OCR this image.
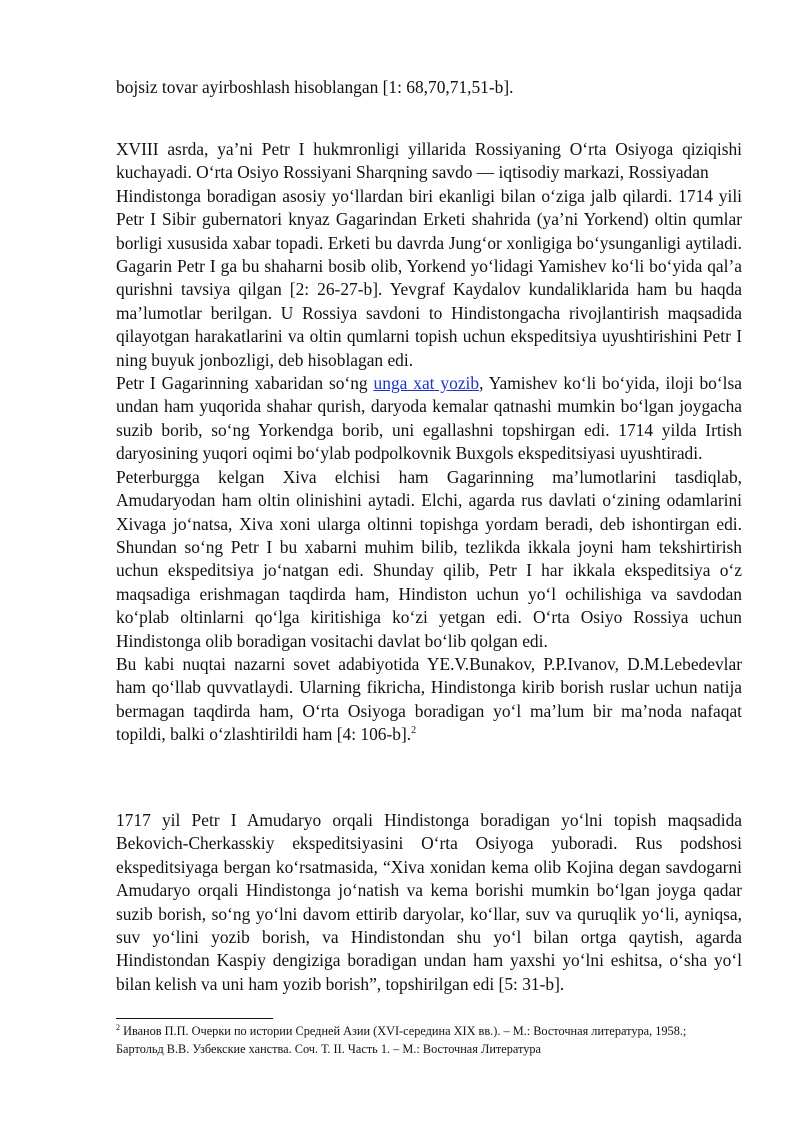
bojsiz tovar ayirboshlash hisoblangan [1: 68,70,71,51-b].

XVIII asrda, ya’ni Petr I hukmronligi yillarida Rossiyaning O‘rta Osiyoga qiziqishi kuchayadi. O‘rta Osiyo Rossiyani Sharqning savdo — iqtisodiy markazi, Rossiyadan

Hindistonga boradigan asosiy yo‘llardan biri ekanligi bilan o‘ziga jalb qilardi. 1714 yili Petr I Sibir gubernatori knyaz Gagarindan Erketi shahrida (ya’ni Yorkend) oltin qumlar borligi xususida xabar topadi. Erketi bu davrda Jung‘or xonligiga bo‘ysunganligi aytiladi. Gagarin Petr I ga bu shaharni bosib olib, Yorkend yo‘lidagi Yamishev ko‘li bo‘yida qal’a qurishni tavsiya qilgan [2: 26-27-b]. Yevgraf Kaydalov kundaliklarida ham bu haqda ma’lumotlar berilgan. U Rossiya savdoni to Hindistongacha rivojlantirish maqsadida qilayotgan harakatlarini va oltin qumlarni topish uchun ekspeditsiya uyushtirishini Petr I ning buyuk jonbozligi, deb hisoblagan edi.

Petr I Gagarinning xabaridan so‘ng unga xat yozib, Yamishev ko‘li bo‘yida, iloji bo‘lsa undan ham yuqorida shahar qurish, daryoda kemalar qatnashi mumkin bo‘lgan joygacha suzib borib, so‘ng Yorkendga borib, uni egallashni topshirgan edi. 1714 yilda Irtish daryosining yuqori oqimi bo‘ylab podpolkovnik Buxgols ekspeditsiyasi uyushtiradi.

Peterburgga kelgan Xiva elchisi ham Gagarinning ma’lumotlarini tasdiqlab, Amudaryodan ham oltin olinishini aytadi. Elchi, agarda rus davlati o‘zining odamlarini Xivaga jo‘natsa, Xiva xoni ularga oltinni topishga yordam beradi, deb ishontirgan edi. Shundan so‘ng Petr I bu xabarni muhim bilib, tezlikda ikkala joyni ham tekshirtirish uchun ekspeditsiya jo‘natgan edi. Shunday qilib, Petr I har ikkala ekspeditsiya o‘z maqsadiga erishmagan taqdirda ham, Hindiston uchun yo‘l ochilishiga va savdodan ko‘plab oltinlarni qo‘lga kiritishiga ko‘zi yetgan edi. O‘rta Osiyo Rossiya uchun Hindistonga olib boradigan vositachi davlat bo‘lib qolgan edi.

Bu kabi nuqtai nazarni sovet adabiyotida YE.V.Bunakov, P.P.Ivanov, D.M.Lebedevlar ham qo‘llab quvvatlaydi. Ularning fikricha, Hindistonga kirib borish ruslar uchun natija bermagan taqdirda ham, O‘rta Osiyoga boradigan yo‘l ma’lum bir ma’noda nafaqat topildi, balki o‘zlashtirildi ham [4: 106-b].$^2$

1717 yil Petr I Amudaryo orqali Hindistonga boradigan yo‘lni topish maqsadida Bekovich-Cherkasskiy ekspeditsiyasini O‘rta Osiyoga yuboradi. Rus podshosi ekspeditsiyaga bergan ko‘rsatmasida, “Xiva xonidan kema olib Kojina degan savdogarni Amudaryo orqali Hindistonga jo‘natish va kema borishi mumkin bo‘lgan joyga qadar suzib borish, so‘ng yo‘lni davom ettirib daryolar, ko‘llar, suv va quruqlik yo‘li, ayniqsa, suv yo‘lini yozib borish, va Hindistondan shu yo‘l bilan ortga qaytish, agarda Hindistondan Kaspiy dengiziga boradigan undan ham yaxshi yo‘lni eshitsa, o‘sha yo‘l bilan kelish va uni ham yozib borish”, topshirilgan edi [5: 31-b].

$^2$ Иванов П.П. Очерки по истории Средней Азии (XVI-середина XIX вв.). – М.: Восточная литература, 1958.;
Бартольд В.В. Узбекские ханства. Соч. Т. II. Часть 1. – М.: Восточная Литература
